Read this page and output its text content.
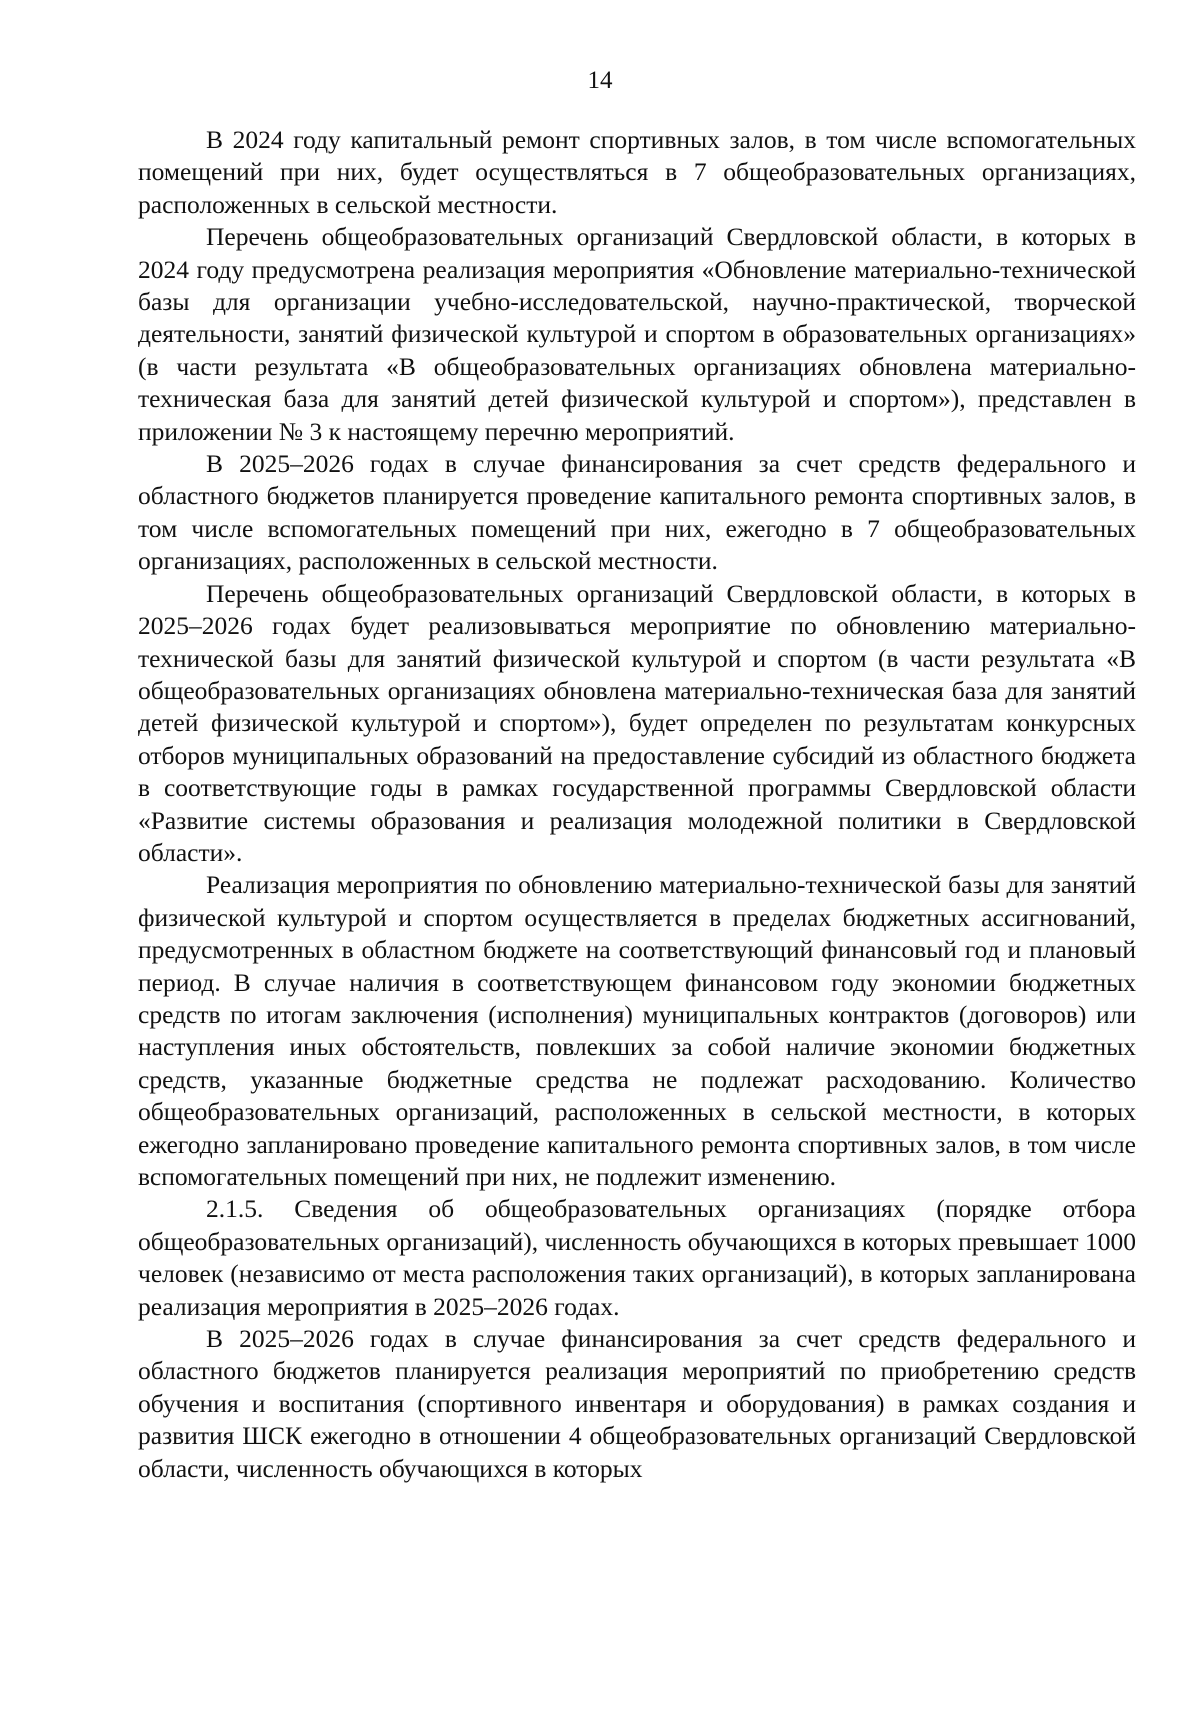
14

В 2024 году капитальный ремонт спортивных залов, в том числе вспомогательных помещений при них, будет осуществляться в 7 общеобразовательных организациях, расположенных в сельской местности.

Перечень общеобразовательных организаций Свердловской области, в которых в 2024 году предусмотрена реализация мероприятия «Обновление материально-технической базы для организации учебно-исследовательской, научно-практической, творческой деятельности, занятий физической культурой и спортом в образовательных организациях» (в части результата «В общеобразовательных организациях обновлена материально-техническая база для занятий детей физической культурой и спортом»), представлен в приложении № 3 к настоящему перечню мероприятий.

В 2025–2026 годах в случае финансирования за счет средств федерального и областного бюджетов планируется проведение капитального ремонта спортивных залов, в том числе вспомогательных помещений при них, ежегодно в 7 общеобразовательных организациях, расположенных в сельской местности.

Перечень общеобразовательных организаций Свердловской области, в которых в 2025–2026 годах будет реализовываться мероприятие по обновлению материально-технической базы для занятий физической культурой и спортом (в части результата «В общеобразовательных организациях обновлена материально-техническая база для занятий детей физической культурой и спортом»), будет определен по результатам конкурсных отборов муниципальных образований на предоставление субсидий из областного бюджета в соответствующие годы в рамках государственной программы Свердловской области «Развитие системы образования и реализация молодежной политики в Свердловской области».

Реализация мероприятия по обновлению материально-технической базы для занятий физической культурой и спортом осуществляется в пределах бюджетных ассигнований, предусмотренных в областном бюджете на соответствующий финансовый год и плановый период. В случае наличия в соответствующем финансовом году экономии бюджетных средств по итогам заключения (исполнения) муниципальных контрактов (договоров) или наступления иных обстоятельств, повлекших за собой наличие экономии бюджетных средств, указанные бюджетные средства не подлежат расходованию. Количество общеобразовательных организаций, расположенных в сельской местности, в которых ежегодно запланировано проведение капитального ремонта спортивных залов, в том числе вспомогательных помещений при них, не подлежит изменению.

2.1.5. Сведения об общеобразовательных организациях (порядке отбора общеобразовательных организаций), численность обучающихся в которых превышает 1000 человек (независимо от места расположения таких организаций), в которых запланирована реализация мероприятия в 2025–2026 годах.

В 2025–2026 годах в случае финансирования за счет средств федерального и областного бюджетов планируется реализация мероприятий по приобретению средств обучения и воспитания (спортивного инвентаря и оборудования) в рамках создания и развития ШСК ежегодно в отношении 4 общеобразовательных организаций Свердловской области, численность обучающихся в которых
